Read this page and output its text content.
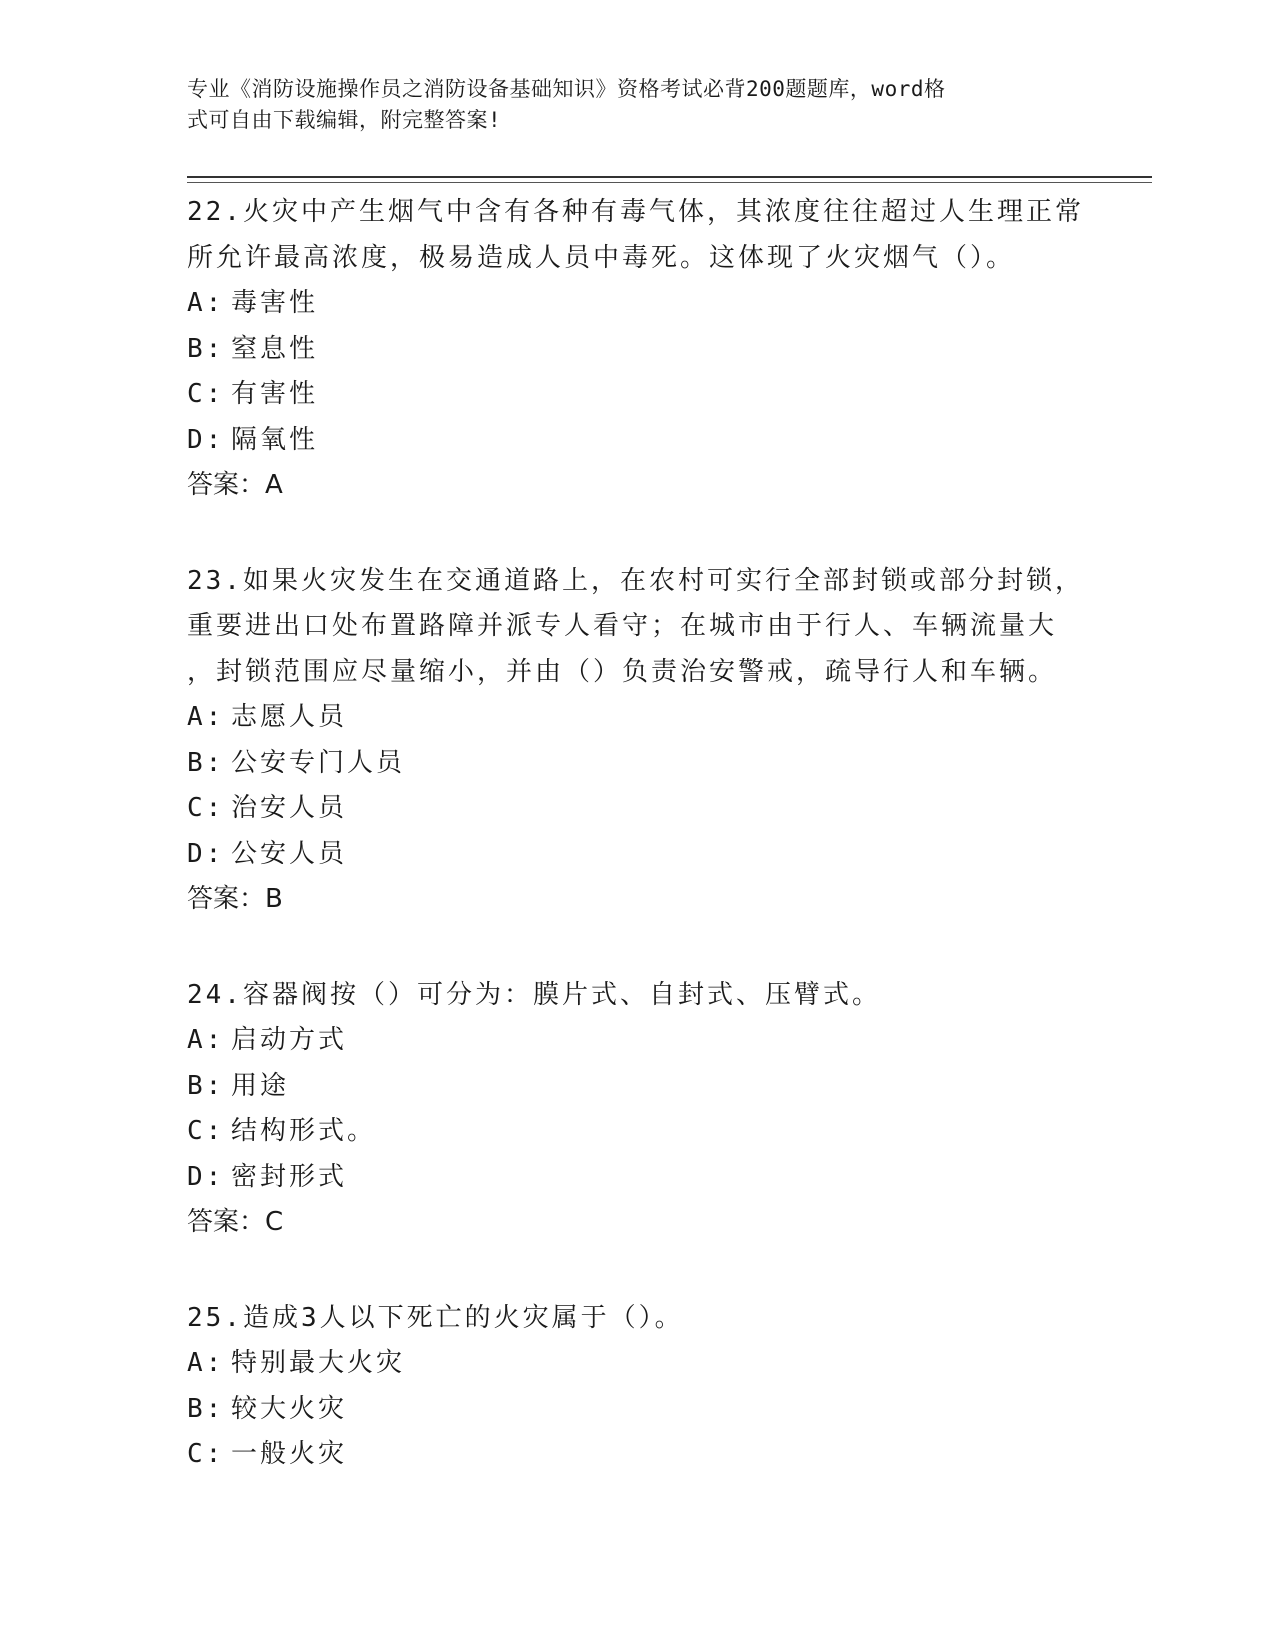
专业《消防设施操作员之消防设备基础知识》资格考试必背200题题库，word格
式可自由下载编辑，附完整答案!
22.火灾中产生烟气中含有各种有毒气体，其浓度往往超过人生理正常
所允许最高浓度，极易造成人员中毒死。这体现了火灾烟气（）。
A: 毒害性
B: 窒息性
C: 有害性
D: 隔氧性
答案：A
23.如果火灾发生在交通道路上，在农村可实行全部封锁或部分封锁，
重要进出口处布置路障并派专人看守；在城市由于行人、车辆流量大
，封锁范围应尽量缩小，并由（）负责治安警戒，疏导行人和车辆。
A: 志愿人员
B: 公安专门人员
C: 治安人员
D: 公安人员
答案：B
24.容器阀按（）可分为：膜片式、自封式、压臂式。
A: 启动方式
B: 用途
C: 结构形式。
D: 密封形式
答案：C
25.造成3人以下死亡的火灾属于（）。
A: 特别最大火灾
B: 较大火灾
C: 一般火灾
